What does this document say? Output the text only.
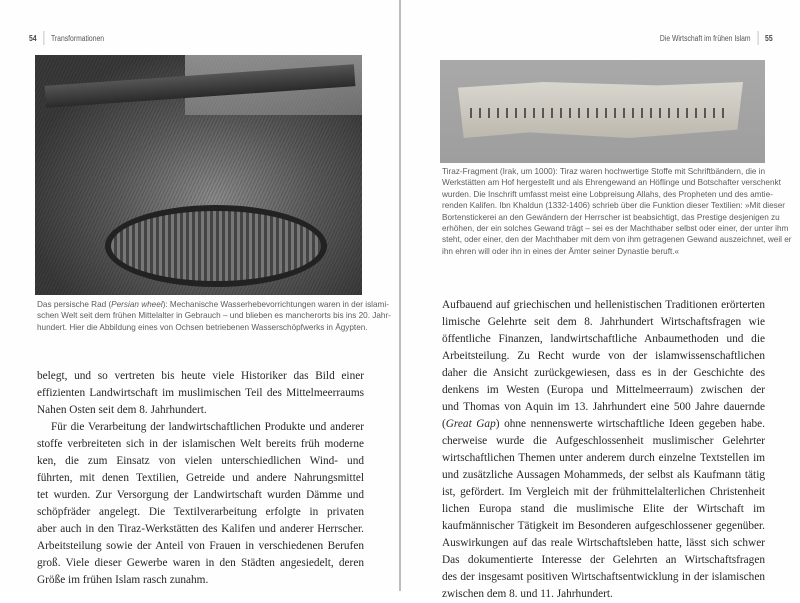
54 Transformationen
Das persische Rad (Persian wheel): Mechanische Wasserhebevorrichtungen waren in der islami-
schen Welt seit dem frühen Mittelalter in Gebrauch – und blieben es mancherorts bis ins 20. Jahr-
hundert. Hier die Abbildung eines von Ochsen betriebenen Wasserschöpfwerks in Ägypten.
belegt, und so vertreten bis heute viele Historiker das Bild einer
effizienten Landwirtschaft im muslimischen Teil des Mittelmeerraums
Nahen Osten seit dem 8. Jahrhundert.
Für die Verarbeitung der landwirtschaftlichen Produkte und anderer
stoffe verbreiteten sich in der islamischen Welt bereits früh moderne
ken, die zum Einsatz von vielen unterschiedlichen Wind- und
führten, mit denen Textilien, Getreide und andere Nahrungsmittel
tet wurden. Zur Versorgung der Landwirtschaft wurden Dämme und
schöpfräder angelegt. Die Textilverarbeitung erfolgte in privaten
aber auch in den Tiraz-Werkstätten des Kalifen und anderer Herrscher.
Arbeitsteilung sowie der Anteil von Frauen in verschiedenen Berufen
groß. Viele dieser Gewerbe waren in den Städten angesiedelt, deren
Größe im frühen Islam rasch zunahm.
Die Wirtschaft im frühen Islam 55
Tiraz-Fragment (Irak, um 1000): Tiraz waren hochwertige Stoffe mit Schriftbändern, die in
Werkstätten am Hof hergestellt und als Ehrengewand an Höflinge und Botschafter verschenkt
wurden. Die Inschrift umfasst meist eine Lobpreisung Allahs, des Propheten und des amtie-
renden Kalifen. Ibn Khaldun (1332-1406) schrieb über die Funktion dieser Textilien: »Mit dieser
Bortenstickerei an den Gewändern der Herrscher ist beabsichtigt, das Prestige desjenigen zu
erhöhen, der ein solches Gewand trägt – sei es der Machthaber selbst oder einer, der unter ihm
steht, oder einer, den der Machthaber mit dem von ihm getragenen Gewand auszeichnet, weil er
ihn ehren will oder ihn in eines der Ämter seiner Dynastie beruft.«
Aufbauend auf griechischen und hellenistischen Traditionen erörterten
limische Gelehrte seit dem 8. Jahrhundert Wirtschaftsfragen wie
öffentliche Finanzen, landwirtschaftliche Anbaumethoden und die
Arbeitsteilung. Zu Recht wurde von der islamwissenschaftlichen
daher die Ansicht zurückgewiesen, dass es in der Geschichte des
denkens im Westen (Europa und Mittelmeerraum) zwischen der
und Thomas von Aquin im 13. Jahrhundert eine 500 Jahre dauernde
(Great Gap) ohne nennenswerte wirtschaftliche Ideen gegeben habe.
cherweise wurde die Aufgeschlossenheit muslimischer Gelehrter
wirtschaftlichen Themen unter anderem durch einzelne Textstellen im
und zusätzliche Aussagen Mohammeds, der selbst als Kaufmann tätig
ist, gefördert. Im Vergleich mit der frühmittelalterlichen Christenheit
lichen Europa stand die muslimische Elite der Wirtschaft im
kaufmännischer Tätigkeit im Besonderen aufgeschlossener gegenüber.
Auswirkungen auf das reale Wirtschaftsleben hatte, lässt sich schwer
Das dokumentierte Interesse der Gelehrten an Wirtschaftsfragen
des der insgesamt positiven Wirtschaftsentwicklung in der islamischen
zwischen dem 8. und 11. Jahrhundert.
